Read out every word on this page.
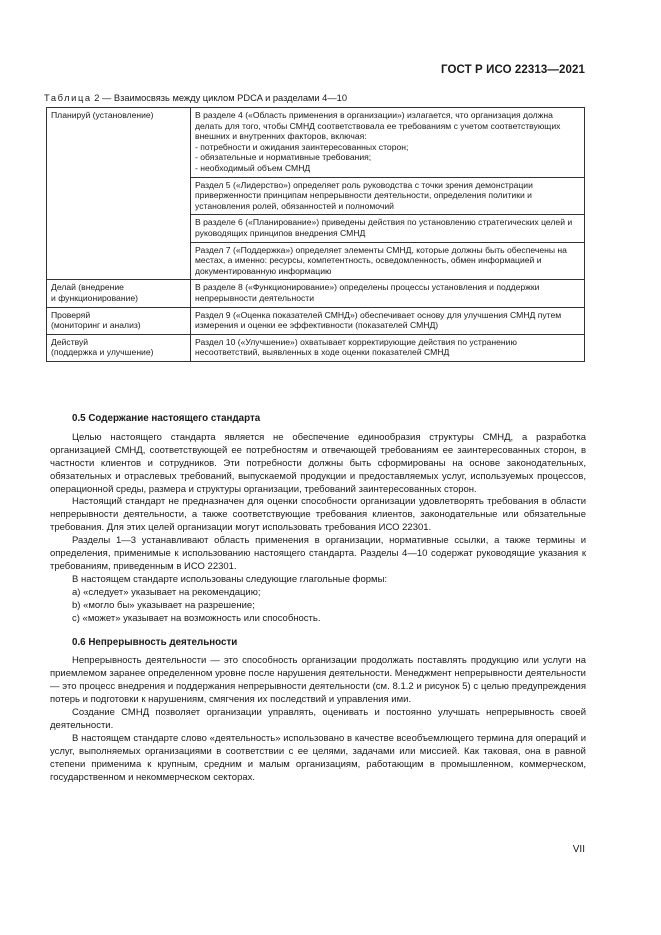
ГОСТ Р ИСО 22313—2021
Таблица 2 — Взаимосвязь между циклом PDCA и разделами 4—10
Планируй (установление)	В разделе 4 («Область применения в организации») излагается, что организация должна делать для того, чтобы СМНД соответствовала ее требованиям с учетом соответствующих внешних и внутренних факторов, включая:
- потребности и ожидания заинтересованных сторон;
- обязательные и нормативные требования;
- необходимый объем СМНД

	Раздел 5 («Лидерство») определяет роль руководства с точки зрения демонстрации приверженности принципам непрерывности деятельности, определения политики и установления ролей, обязанностей и полномочий
	В разделе 6 («Планирование») приведены действия по установлению стратегических целей и руководящих принципов внедрения СМНД
	Раздел 7 («Поддержка») определяет элементы СМНД, которые должны быть обеспечены на местах, а именно: ресурсы, компетентность, осведомленность, обмен информацией и документированную информацию

Делай (внедрение
и функционирование)	В разделе 8 («Функционирование») определены процессы установления и поддержки непрерывности деятельности

Проверяй
(мониторинг и анализ)	Раздел 9 («Оценка показателей СМНД») обеспечивает основу для улучшения СМНД путем измерения и оценки ее эффективности (показателей СМНД)

Действуй
(поддержка и улучшение)	Раздел 10 («Улучшение») охватывает корректирующие действия по устранению несоответствий, выявленных в ходе оценки показателей СМНД
0.5 Содержание настоящего стандарта

Целью настоящего стандарта является не обеспечение единообразия структуры СМНД, а разработка организацией СМНД, соответствующей ее потребностям и отвечающей требованиям ее заинтересованных сторон, в частности клиентов и сотрудников. Эти потребности должны быть сформированы на основе законодательных, обязательных и отраслевых требований, выпускаемой продукции и предоставляемых услуг, используемых процессов, операционной среды, размера и структуры организации, требований заинтересованных сторон.

Настоящий стандарт не предназначен для оценки способности организации удовлетворять требования в области непрерывности деятельности, а также соответствующие требования клиентов, законодательные или обязательные требования. Для этих целей организации могут использовать требования ИСО 22301.

Разделы 1—3 устанавливают область применения в организации, нормативные ссылки, а также термины и определения, применимые к использованию настоящего стандарта. Разделы 4—10 содержат руководящие указания к требованиям, приведенным в ИСО 22301.

В настоящем стандарте использованы следующие глагольные формы:

a) «следует» указывает на рекомендацию;

b) «могло бы» указывает на разрешение;

c) «может» указывает на возможность или способность.

0.6 Непрерывность деятельности

Непрерывность деятельности — это способность организации продолжать поставлять продукцию или услуги на приемлемом заранее определенном уровне после нарушения деятельности. Менеджмент непрерывности деятельности — это процесс внедрения и поддержания непрерывности деятельности (см. 8.1.2 и рисунок 5) с целью предупреждения потерь и подготовки к нарушениям, смягчения их последствий и управления ими.

Создание СМНД позволяет организации управлять, оценивать и постоянно улучшать непрерывность своей деятельности.

В настоящем стандарте слово «деятельность» использовано в качестве всеобъемлющего термина для операций и услуг, выполняемых организациями в соответствии с ее целями, задачами или миссией. Как таковая, она в равной степени применима к крупным, средним и малым организациям, работающим в промышленном, коммерческом, государственном и некоммерческом секторах.

VII
